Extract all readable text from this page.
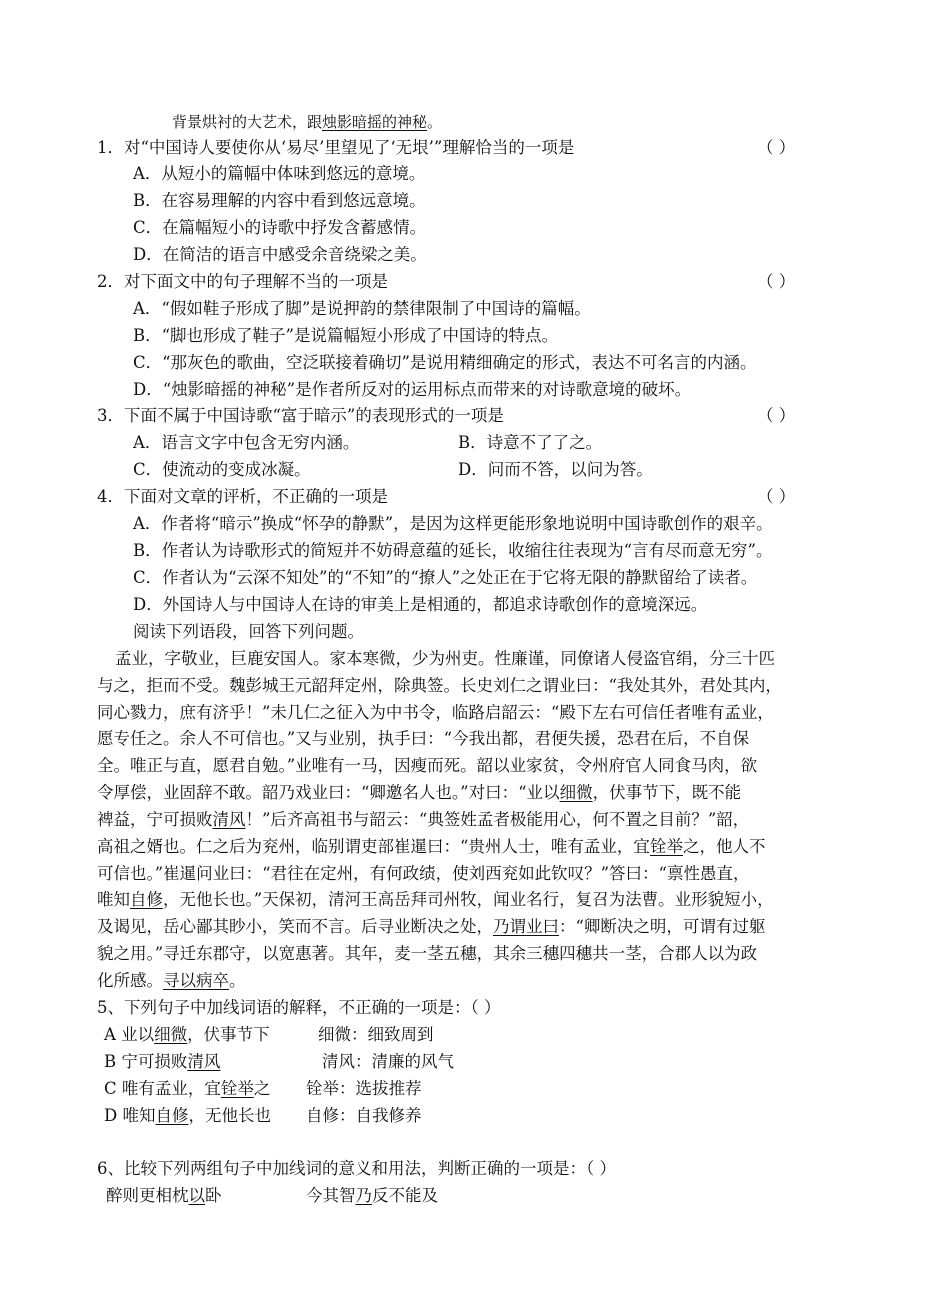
背景烘衬的大艺术，跟烛影暗摇的神秘。
1．对“中国诗人要使你从‘易尽’里望见了‘无垠’”理解恰当的一项是	（ ）
A．从短小的篇幅中体味到悠远的意境。
B．在容易理解的内容中看到悠远意境。
C．在篇幅短小的诗歌中抒发含蓄感情。
D．在简洁的语言中感受余音绕梁之美。
2．对下面文中的句子理解不当的一项是	（ ）
A．“假如鞋子形成了脚”是说押韵的禁律限制了中国诗的篇幅。
B．“脚也形成了鞋子”是说篇幅短小形成了中国诗的特点。
C．“那灰色的歌曲，空泛联接着确切”是说用精细确定的形式，表达不可名言的内涵。
D．“烛影暗摇的神秘”是作者所反对的运用标点而带来的对诗歌意境的破坏。
3．下面不属于中国诗歌“富于暗示”的表现形式的一项是	（ ）
A．语言文字中包含无穷内涵。	B．诗意不了了之。
C．使流动的变成冰凝。	D．问而不答，以问为答。
4．下面对文章的评析，不正确的一项是	（ ）
A．作者将“暗示”换成“怀孕的静默”，是因为这样更能形象地说明中国诗歌创作的艰辛。
B．作者认为诗歌形式的简短并不妨碍意蕴的延长，收缩往往表现为“言有尽而意无穷”。
C．作者认为“云深不知处”的“不知”的“撩人”之处正在于它将无限的静默留给了读者。
D．外国诗人与中国诗人在诗的审美上是相通的，都追求诗歌创作的意境深远。
阅读下列语段，回答下列问题。
孟业，字敬业，巨鹿安国人。家本寒微，少为州吏。性廉谨，同僚诸人侵盗官绢，分三十匹
与之，拒而不受。魏彭城王元韶拜定州，除典签。长史刘仁之谓业曰：“我处其外，君处其内，
同心戮力，庶有济乎！”未几仁之征入为中书令，临路启韶云：“殿下左右可信任者唯有孟业，
愿专任之。余人不可信也。”又与业别，执手曰：“今我出都，君便失援，恐君在后，不自保
全。唯正与直，愿君自勉。”业唯有一马，因瘦而死。韶以业家贫，令州府官人同食马肉，欲
令厚偿，业固辞不敢。韶乃戏业曰：“卿邀名人也。”对曰：“业以细微，伏事节下，既不能
裨益，宁可损败清风！”后齐高祖书与韶云：“典签姓孟者极能用心，何不置之目前？”韶，
高祖之婿也。仁之后为兖州，临别谓吏部崔暹曰：“贵州人士，唯有孟业，宜铨举之，他人不
可信也。”崔暹问业曰：“君往在定州，有何政绩，使刘西兖如此钦叹？”答曰：“禀性愚直，
唯知自修，无他长也。”天保初，清河王高岳拜司州牧，闻业名行，复召为法曹。业形貌短小，
及谒见，岳心鄙其眇小，笑而不言。后寻业断决之处，乃谓业曰：“卿断决之明，可谓有过躯
貌之用。”寻迁东郡守，以宽惠著。其年，麦一茎五穗，其余三穗四穗共一茎，合郡人以为政
化所感。寻以病卒。
5、下列句子中加线词语的解释，不正确的一项是：（ ）
A 业以细微，伏事节下	细微：细致周到
B 宁可损败清风	清风：清廉的风气
C 唯有孟业，宜铨举之 铨举：选拔推荐
D 唯知自修，无他长也 自修：自我修养
6、比较下列两组句子中加线词的意义和用法，判断正确的一项是：（ ）
醉则更相枕以卧	今其智乃反不能及
